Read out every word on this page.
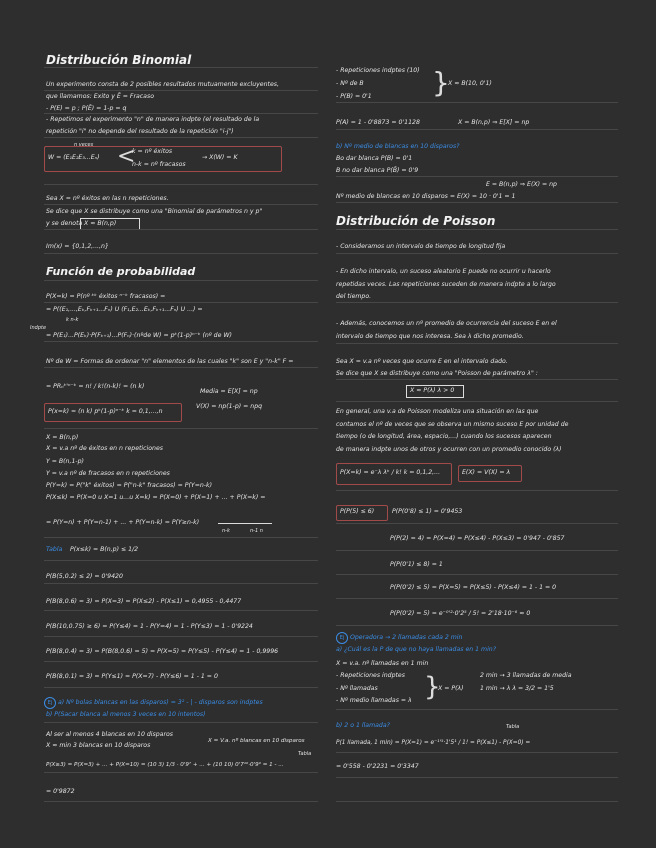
Distribución Binomial
Un experimento consta de 2 posibles resultados mutuamente excluyentes,
que llamamos: Exito y Ē = Fracaso
- P(E) = p ; P(Ē) = 1-p = q
- Repetimos el experimento "n" de manera indpte (el resultado de la
repetición "i" no depende del resultado de la repetición "i-j")
n veces
W = (E₁E₂E₃...Eₙ) <
k = nº éxitos
n-k = nº fracasos
→ X(W) = K
Sea X = nº éxitos en las n repeticiones.
Se dice que X se distribuye como una "Binomial de parámetros n y p"
y se denota X ≈ B(n,p)
Im(x) = {0,1,2,...,n}
Función de probabilidad
P(X=k) = P(nº ᵏᵏ éxitos ⁿ⁻ᵏ fracasos) =
= P((E₁,...,Eₖ,Fₖ₊₁...Fₙ) U (F₁,E₂...Eₖ,Fₖ₊₁...Fₙ) U ...) =
k n-k
Indpte
= P(E₁)...P(Eₖ)·P(Fₖ₊₁)...P(Fₙ)·(nºde W) = pᵏ(1-p)ⁿ⁻ᵏ (nº de W)
Nº de W = Formas de ordenar "n" elementos de las cuales "k" son E y "n-k" F =
= PRₙᵏ'ⁿ⁻ᵏ = n! / k!(n-k)! = (n k)
Media = E[X] = np
P(x=k) = (n k) pᵏ(1-p)ⁿ⁻ᵏ k = 0,1,...,n
V(X) = np(1-p) = npq
X = B(n,p)
X = v.a nº de éxitos en n repeticiones
Y = B(n,1-p)
Y = v.a nº de fracasos en n repeticiones
P(Y=k) = P("k" éxitos) = P("n-k" fracasos) = P(Y=n-k)
P(X≤k) = P(X=0 u X=1 u...u X=k) = P(X=0) + P(X=1) + ... + P(X=k) =
= P(Y=n) + P(Y=n-1) + ... + P(Y=n-k) = P(Y≥n-k)
n-k	n-1 n
Tabla P(x≤k) = B(n,p) ≤ 1/2
P(B(5,0.2) ≤ 2) = 0'9420
P(B(8,0.6) = 3) = P(X=3) = P(X≤2) - P(X≤1) = 0,4955 - 0,4477
P(B(10,0.75) ≥ 6) = P(Y≤4) = 1 - P(Y=4) = 1 - P(Y≤3) = 1 - 0'9224
P(B(8,0.4) = 3) = P(B(8,0.6) = 5) = P(X=5) = P(Y≤5) - P(Y≤4) = 1 - 0,9996
P(B(8,0.1) = 3) = P(Y≤1) = P(X=7) - P(Y≤6) = 1 - 1 = 0
Ej a) Nº bolas blancas en las disparos) = 3² - | - disparos son indptes
b) P(Sacar blanca al menos 3 veces en 10 intentos)
Al ser al menos 4 blancas en 10 disparos
X ≈ min 3 blancas en 10 disparos
X = V.a. nº blancas en 10 disparos
Tabla
P(X≥3) = P(X=3) + ... + P(X=10) = (10 3) 1/3 · 0'9⁷ + ... + (10 10) 0'7¹⁰·0'9⁰ = 1 - ...
= 0'9872
- Repeticiones indptes (10)
- Nº de B
- P(B) = 0'1 }
X ≈ B(10, 0'1)
P(A) = 1 - 0'8873 = 0'1128	X = B(n,p) ⇒ E[X] = np
b) Nº medio de blancas en 10 disparos?
Bo dar blanca P(B) = 0'1
B no dar blanca P(B̄) = 0'9
E = B(n,p) ⇒ E(X) = np
Nº medio de blancas en 10 disparos = E(X) = 10 · 0'1 = 1
Distribución de Poisson
- Consideramos un intervalo de tiempo de longitud fija
- En dicho intervalo, un suceso aleatorio E puede no ocurrir u hacerlo
repetidas veces. Las repeticiones suceden de manera indpte a lo largo
del tiempo.
- Además, conocemos un nº promedio de ocurrencia del suceso E en el
intervalo de tiempo que nos interesa. Sea λ dicho promedio.
Sea X = v.a nº veces que ocurre E en el intervalo dado.
Se dice que X se distribuye como una "Poisson de parámetro λ" :
X ≈ P(λ) λ > 0
En general, una v.a de Poisson modeliza una situación en las que
contamos el nº de veces que se observa un mismo suceso E por unidad de
tiempo (o de longitud, área, espacio,...) cuando los sucesos aparecen
de manera indpte unos de otros y ocurren con un promedio conocido (λ)
P(X=k) = e⁻λ λᵏ / k! k = 0,1,2,...	E(X) = V(X) = λ
P(P(5) ≤ 6)	P(P(0'8) ≤ 1) = 0'9453
P(P(2) = 4) = P(X=4) = P(X≤4) - P(X≤3) = 0'947 - 0'857
P(P(0'1) ≤ 8) = 1
P(P(0'2) ≤ 5) = P(X=5) = P(X≤5) - P(X≤4) = 1 - 1 = 0
P(P(0'2) = 5) = e⁻⁰'²·0'2⁵ / 5! = 2'18·10⁻⁶ ≈ 0
Ej Operadora → 2 llamadas cada 2 min
a) ¿Cuál es la P de que no haya llamadas en 1 min?
X = v.a. nº llamadas en 1 min
- Repeticiones indptes
- Nº llamadas
- Nº medio llamadas = λ }
X = P(λ)
2 min → 3 llamadas de media
1 min → λ λ = 3/2 = 1'5
b) 2 o 1 llamada?	Tabla
P(1 llamada, 1 min) = P(X=1) = e⁻¹'⁵·1'5¹ / 1! = P(X≤1) - P(X=0) =
= 0'558 - 0'2231 = 0'3347
